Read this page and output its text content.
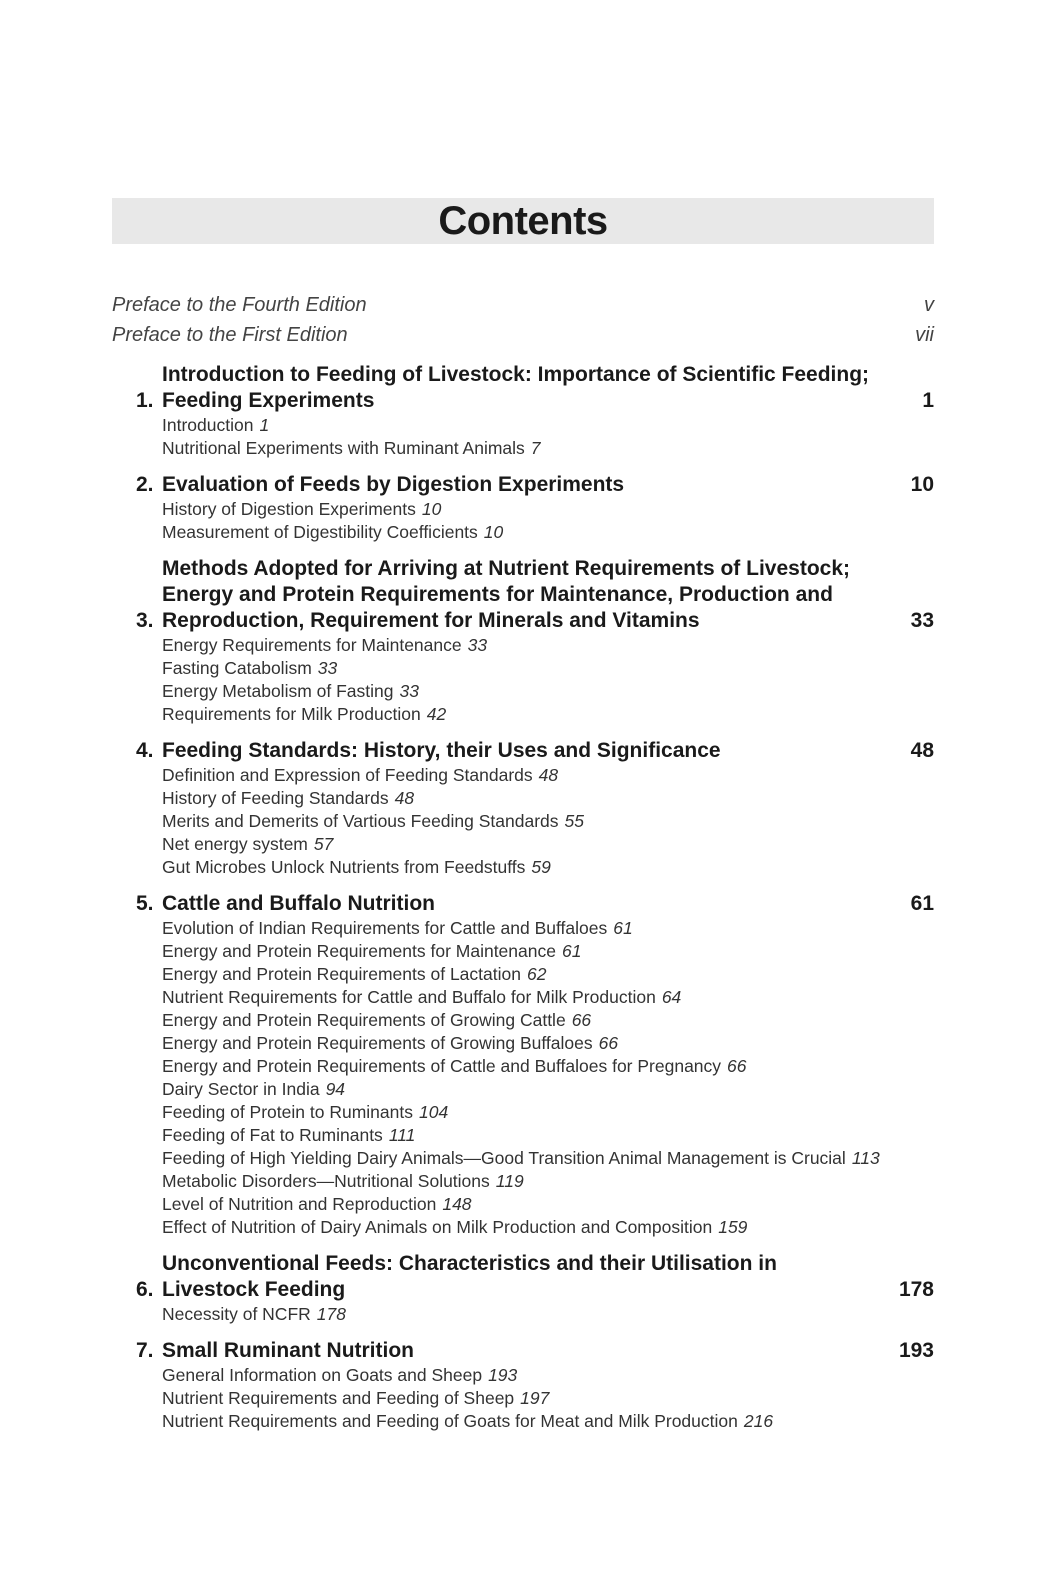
Contents
Preface to the Fourth Edition	v
Preface to the First Edition	vii
1.
Introduction to Feeding of Livestock: Importance of Scientific Feeding; Feeding Experiments	1
Introduction 1
Nutritional Experiments with Ruminant Animals 7
2. Evaluation of Feeds by Digestion Experiments	10
History of Digestion Experiments 10
Measurement of Digestibility Coefficients 10
3.
Methods Adopted for Arriving at Nutrient Requirements of Livestock; Energy and Protein Requirements for Maintenance, Production and Reproduction, Requirement for Minerals and Vitamins	33
Energy Requirements for Maintenance 33
Fasting Catabolism 33
Energy Metabolism of Fasting 33
Requirements for Milk Production 42
4. Feeding Standards: History, their Uses and Significance	48
Definition and Expression of Feeding Standards 48
History of Feeding Standards 48
Merits and Demerits of Vartious Feeding Standards 55
Net energy system 57
Gut Microbes Unlock Nutrients from Feedstuffs 59
5. Cattle and Buffalo Nutrition	61
Evolution of Indian Requirements for Cattle and Buffaloes 61
Energy and Protein Requirements for Maintenance 61
Energy and Protein Requirements of Lactation 62
Nutrient Requirements for Cattle and Buffalo for Milk Production 64
Energy and Protein Requirements of Growing Cattle 66
Energy and Protein Requirements of Growing Buffaloes 66
Energy and Protein Requirements of Cattle and Buffaloes for Pregnancy 66
Dairy Sector in India 94
Feeding of Protein to Ruminants 104
Feeding of Fat to Ruminants 111
Feeding of High Yielding Dairy Animals—Good Transition Animal Management is Crucial 113
Metabolic Disorders—Nutritional Solutions 119
Level of Nutrition and Reproduction 148
Effect of Nutrition of Dairy Animals on Milk Production and Composition 159
6.
Unconventional Feeds: Characteristics and their Utilisation in Livestock Feeding	178
Necessity of NCFR 178
7. Small Ruminant Nutrition	193
General Information on Goats and Sheep 193
Nutrient Requirements and Feeding of Sheep 197
Nutrient Requirements and Feeding of Goats for Meat and Milk Production 216
